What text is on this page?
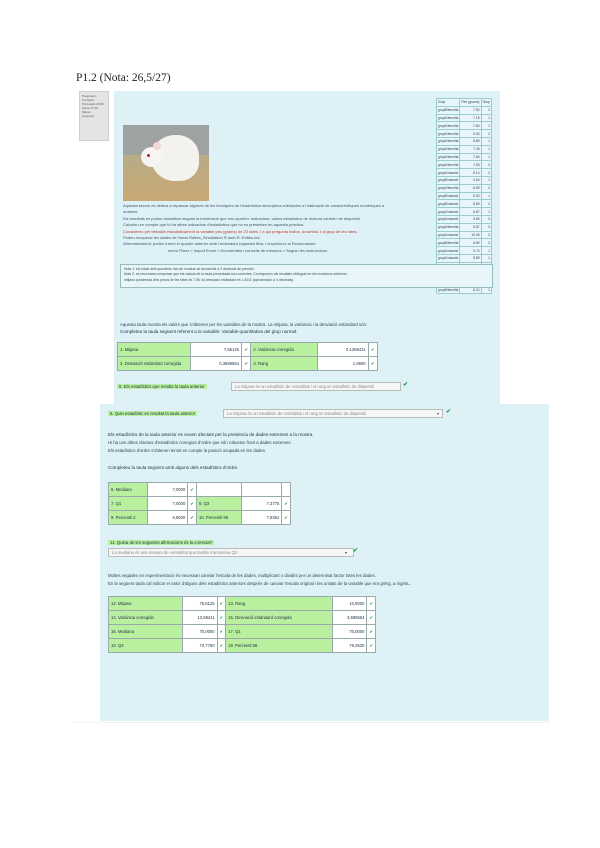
P1.2 (Nota: 26,5/27)
Pregunta 1
Correcta
Puntuació 26,50
sobre 27,00
Marca
pregunta

Aquesta secció es dedica a repassar algunes de les tècniques de l'estadística descriptiva orientades a l'estimació de característiques numèriques a

mostres.

Els resultats es poden classificar segons la informació que ens aporten: indicadors, valors estadístics de mesura central i de dispersió.

Calculeu en compte que hi ha altres indicadors d'estadística que no es presenten en aquesta pràctica.

Considereu per treballar estadísticament la variable pes (grams) de 23 rates. I a qui pregunta indica, la sortida 1 al grup de les rates.

Podeu recuperar les dades de l'arxiu Rattes_Simultation R amb R: Editeu-les.

Alternativament, podeu treure el quadre anterior amb l'ordenador (aquesta fitxa, i importar-lo al Rcommander

menú Fitxer > Import Excel > Enumerates i consells de mesures > Seguiu les instruccions

Grup	Pes (grams)	Grup
grupB/femella	7.50	2
grupA/femella	7.18	1
grupA/femella	7.60	1
grupA/femella	5.93	2
grupA/femella	6.89	1
grupA/femella	7.45	1
grupA/femella	7.84	1
grupA/femella	7.53	3
grupA/mascle	8.14	2
grupB/mascle	4.54	1
grupA/femella	6.05	2
grupB/mascle	5.93	1
grupB/mascle	5.89	2
grupA/mascle	6.87	1
grupA/mascle	5.65	3
grupA/femella	6.87	3
grupA/mascle	10.06	3
grupB/femella	6.89	3
grupA/mascle	5.74	1
grupA/mascle	5.89	1

grupB/femella	6.24	1
Nota 1: els totals dels quocients han de mostrar-se arrodonits a 4 decimals de precisió.
Nota 2: es recomana comprovar que els càlculs de la taula presentada són correctes. Corresponen als resultats obtinguts en els encàrrecs anteriors.
mitjana ponderada dels pesos de les rates és 7.56 i la desviació estàndard és 1.4011 (aproximació a 4 decimals).
Aquesta taula mostra els valors que s'obtenen per les variables de la mostra. La mitjana, la variància i la desviació estàndard són:
Completeu la taula següent referent a la variable: Variable quantitativa del grup normal.
1. Mitjana	7,56125	✔	2. Variància corregida	0,1368411	✔
3. Desviació estàndard corregida	0,3699554	✔	4. Rang	1,0900	✔
5. Els estadístics que resulta la taula anterior	La mitjana és un estadístic de centralitat i el rang un estadístic de dispersió	✔
5. Quin estadístic es resultat la taula anterior	La mitjana és un estadístic de centralitat i el rang un estadístic de dispersió	▾ ✔
Els estadístics de la taula anterior es veuen afectats per la presència de dades extremes a la mostra.
Hi ha uns altres classes d'estadístics coneguts d'ordre que són robustos front a dades extremes.
Els estadístics d'ordre s'obtenen tenint en compte la posició ocupada en les dades.
Completeu la taula següent amb alguns dels estadístics d'ordre.
6. Mediana	7,0000	✔			
7. Q1	7,0000	✔	8. Q3	7,3775	✔
9. Percentil 2	6,8000	✔	10. Percentil 98	7,8352	✔
11. Quina de les següents afirmacions és la correcta?
La mediana és una mesura de centralitat que també s'anomena Q2	▾ ✔
Moltes vegades en experimentació és necessari canviar l'escala de les dades, multiplicant o dividint per un determinat factor totes les dades.
En la següent taula cal indicar el valor d'alguns dels estadístics anteriors després de canviar l'escala original i les unitats de la variable que era gr/Kg, a mg/mL.
12. Mitjana	75,6125	✔	13. Rang	10,9000	✔
14. Variància corregida	13,68411	✔	15. Desviació estàndard corregida	3,699554	✔
16. Mediana	70,0000	✔	17. Q1	70,0000	✔
18. Q3	73,7750	✔	19. Percentil 98	78,3520	✔
